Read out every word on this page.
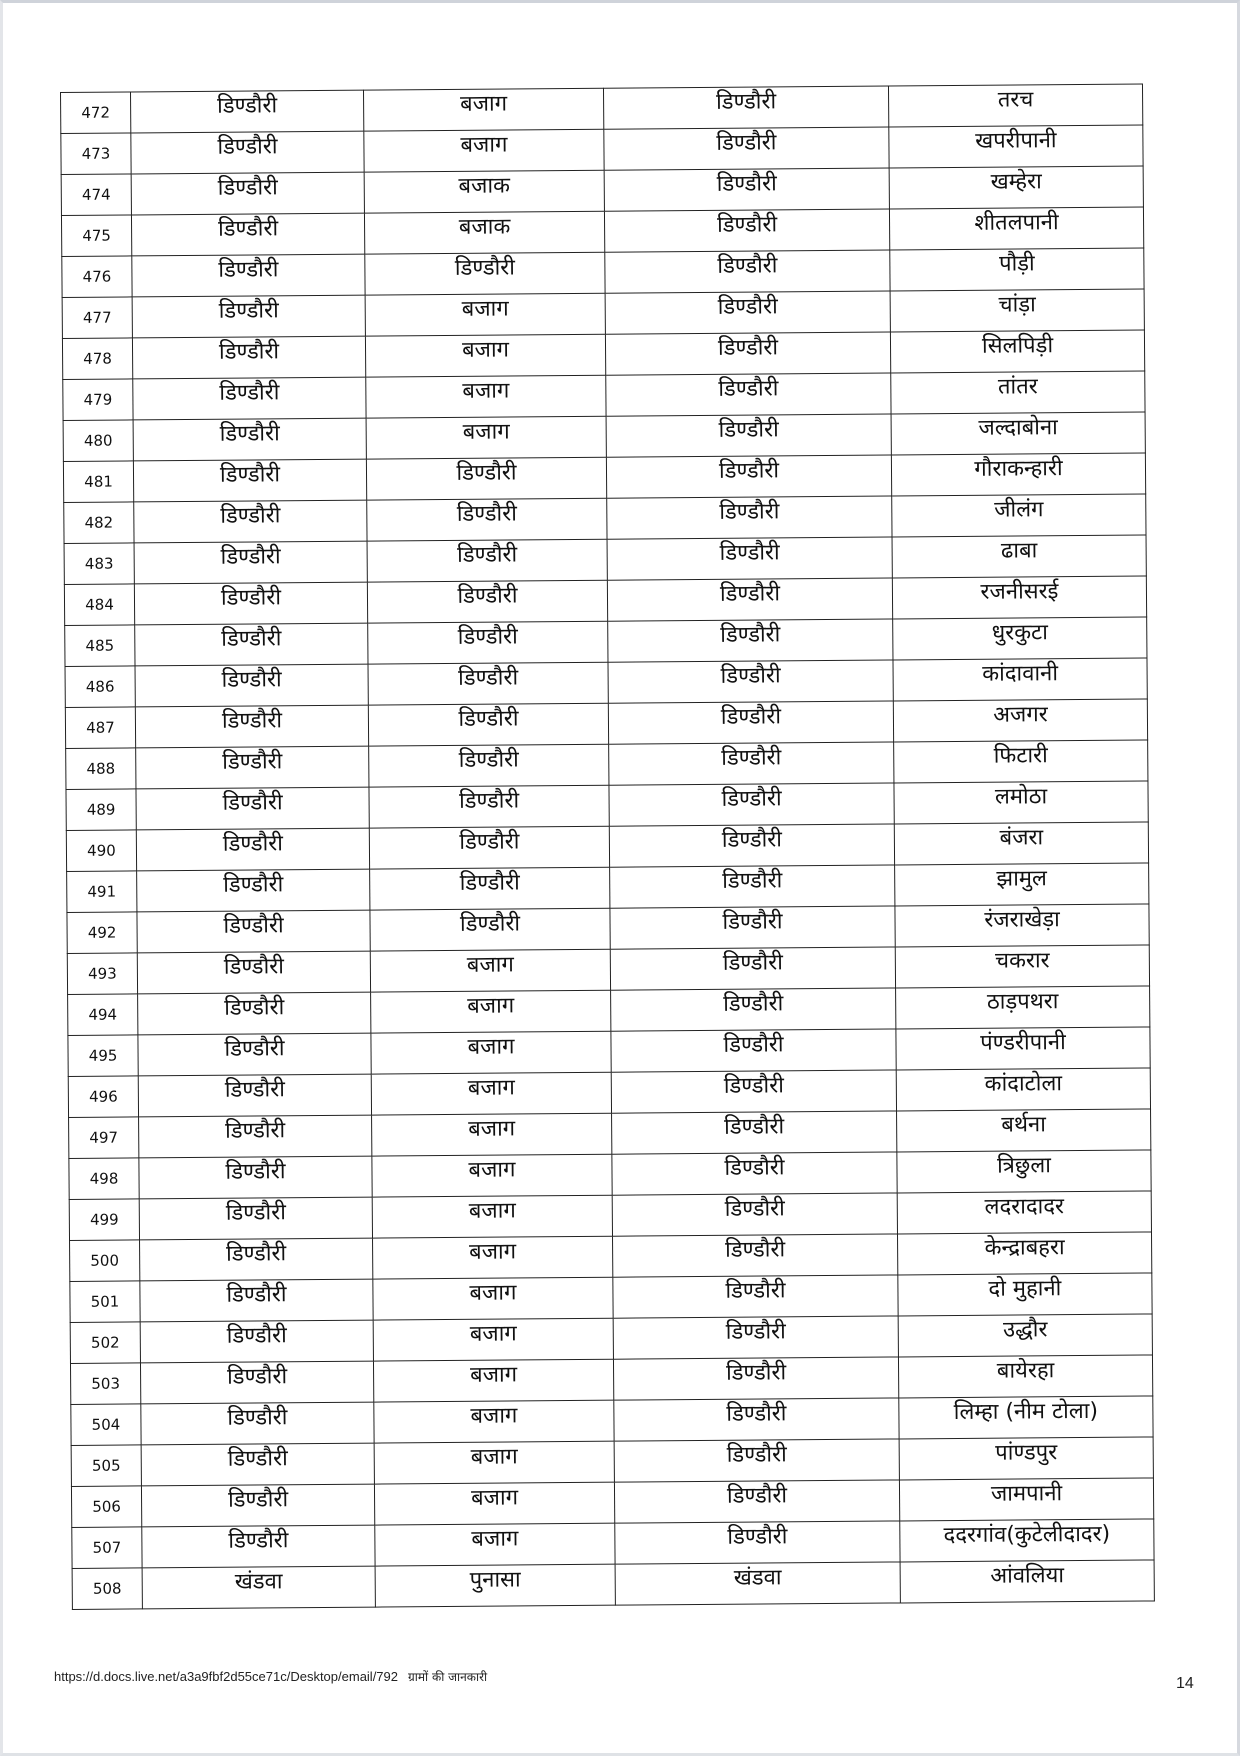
472	डिण्डौरी	बजाग	डिण्डौरी	तरच
473	डिण्डौरी	बजाग	डिण्डौरी	खपरीपानी
474	डिण्डौरी	बजाक	डिण्डौरी	खम्हेरा
475	डिण्डौरी	बजाक	डिण्डौरी	शीतलपानी
476	डिण्डौरी	डिण्डौरी	डिण्डौरी	पौड़ी
477	डिण्डौरी	बजाग	डिण्डौरी	चांड़ा
478	डिण्डौरी	बजाग	डिण्डौरी	सिलपिड़ी
479	डिण्डौरी	बजाग	डिण्डौरी	तांतर
480	डिण्डौरी	बजाग	डिण्डौरी	जल्दाबोना
481	डिण्डौरी	डिण्डौरी	डिण्डौरी	गौराकन्हारी
482	डिण्डौरी	डिण्डौरी	डिण्डौरी	जीलंग
483	डिण्डौरी	डिण्डौरी	डिण्डौरी	ढाबा
484	डिण्डौरी	डिण्डौरी	डिण्डौरी	रजनीसरई
485	डिण्डौरी	डिण्डौरी	डिण्डौरी	धुरकुटा
486	डिण्डौरी	डिण्डौरी	डिण्डौरी	कांदावानी
487	डिण्डौरी	डिण्डौरी	डिण्डौरी	अजगर
488	डिण्डौरी	डिण्डौरी	डिण्डौरी	फिटारी
489	डिण्डौरी	डिण्डौरी	डिण्डौरी	लमोठा
490	डिण्डौरी	डिण्डौरी	डिण्डौरी	बंजरा
491	डिण्डौरी	डिण्डौरी	डिण्डौरी	झामुल
492	डिण्डौरी	डिण्डौरी	डिण्डौरी	रंजराखेड़ा
493	डिण्डौरी	बजाग	डिण्डौरी	चकरार
494	डिण्डौरी	बजाग	डिण्डौरी	ठाड़पथरा
495	डिण्डौरी	बजाग	डिण्डौरी	पंण्डरीपानी
496	डिण्डौरी	बजाग	डिण्डौरी	कांदाटोला
497	डिण्डौरी	बजाग	डिण्डौरी	बर्थना
498	डिण्डौरी	बजाग	डिण्डौरी	त्रिछुला
499	डिण्डौरी	बजाग	डिण्डौरी	लदरादादर
500	डिण्डौरी	बजाग	डिण्डौरी	केन्द्राबहरा
501	डिण्डौरी	बजाग	डिण्डौरी	दो मुहानी
502	डिण्डौरी	बजाग	डिण्डौरी	उद्धौर
503	डिण्डौरी	बजाग	डिण्डौरी	बायेरहा
504	डिण्डौरी	बजाग	डिण्डौरी	लिम्हा (नीम टोला)
505	डिण्डौरी	बजाग	डिण्डौरी	पांण्डपुर
506	डिण्डौरी	बजाग	डिण्डौरी	जामपानी
507	डिण्डौरी	बजाग	डिण्डौरी	ददरगांव(कुटेलीदादर)
508	खंडवा	पुनासा	खंडवा	आंवलिया
https://d.docs.live.net/a3a9fbf2d55ce71c/Desktop/email/792 ग्रामों की जानकारी	14
